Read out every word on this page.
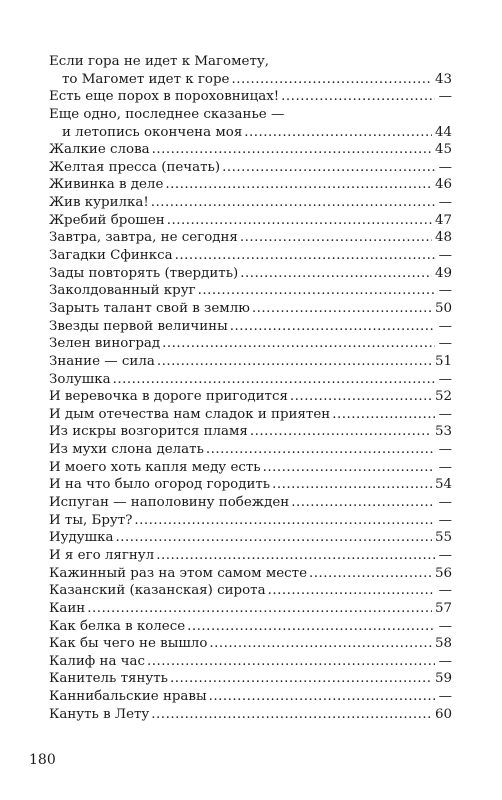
Если гора не идет к Магомету,
то Магомет идет к горе .....	43
Есть еще порох в пороховницах! .....	—
Еще одно, последнее сказанье —
и летопись окончена моя .....	44
Жалкие слова .....	45
Желтая пресса (печать) .....	—
Живинка в деле .....	46
Жив курилка! .....	—
Жребий брошен .....	47
Завтра, завтра, не сегодня .....	48
Загадки Сфинкса .....	—
Зады повторять (твердить) .....	49
Заколдованный круг .....	—
Зарыть талант свой в землю .....	50
Звезды первой величины .....	—
Зелен виноград .....	—
Знание — сила .....	51
Золушка .....	—
И веревочка в дороге пригодится .....	52
И дым отечества нам сладок и приятен .....	—
Из искры возгорится пламя .....	53
Из мухи слона делать .....	—
И моего хоть капля меду есть .....	—
И на что было огород городить .....	54
Испуган — наполовину побежден .....	—
И ты, Брут? .....	—
Иудушка .....	55
И я его лягнул .....	—
Кажинный раз на этом самом месте .....	56
Казанский (казанская) сирота .....	—
Каин .....	57
Как белка в колесе .....	—
Как бы чего не вышло .....	58
Калиф на час .....	—
Канитель тянуть .....	59
Каннибальские нравы .....	—
Кануть в Лету .....	60
180
